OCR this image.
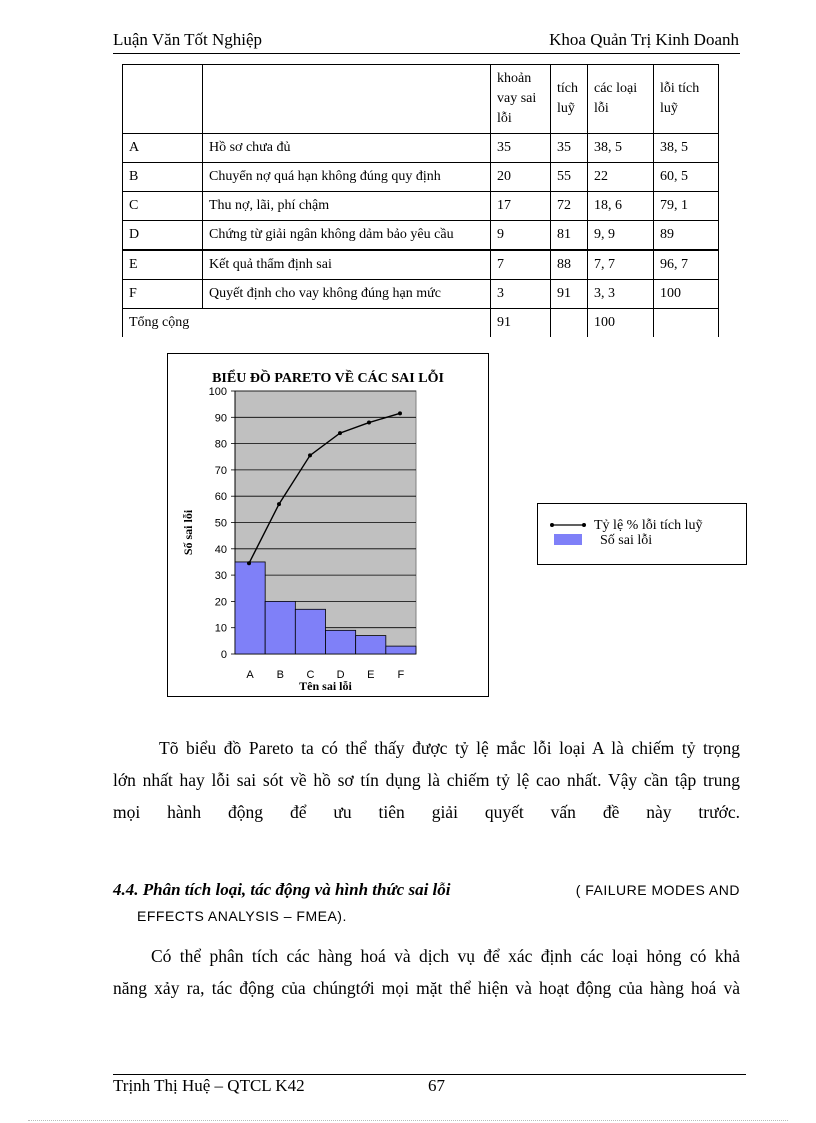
Luận Văn Tốt Nghiệp	Khoa Quản Trị Kinh Doanh
		khoản vay sai lỗi	tích luỹ	các loại lỗi	lỗi tích luỹ
A	Hồ sơ chưa đủ	35	35	38, 5	38, 5
B	Chuyển nợ quá hạn không đúng quy định	20	55	22	60, 5
C	Thu nợ, lãi, phí chậm	17	72	18, 6	79, 1
D	Chứng từ giải ngân không dảm bảo yêu cầu	9	81	9, 9	89
E	Kết quả thẩm định sai	7	88	7, 7	96, 7
F	Quyết định cho vay không đúng hạn mức	3	91	3, 3	100
Tổng cộng		91		100	
BIỂU ĐỒ PARETO VỀ CÁC SAI LỖI
0
10
20
30
40
50
60
70
80
90
100
A B C D E F
Tên sai lỗi
Số sai lỗi	Tỷ lệ % lỗi tích luỹ
Số sai lỗi
Tõ biểu đồ Pareto ta có thể thấy được tỷ lệ mắc lỗi loại A là chiếm tỷ trọng
lớn nhất hay lỗi sai sót về hồ sơ tín dụng là chiếm tỷ lệ cao nhất. Vậy cần tập trung
mọi hành động để ưu tiên giải quyết vấn đề này trước.
4.4. Phân tích loại, tác động và hình thức sai lỗi	( FAILURE MODES AND
EFFECTS ANALYSIS – FMEA).
Có thể phân tích các hàng hoá và dịch vụ để xác định các loại hỏng có khả
năng xảy ra, tác động của chúngtới mọi mặt thể hiện và hoạt động của hàng hoá và
Trịnh Thị Huệ – QTCL K42	67
